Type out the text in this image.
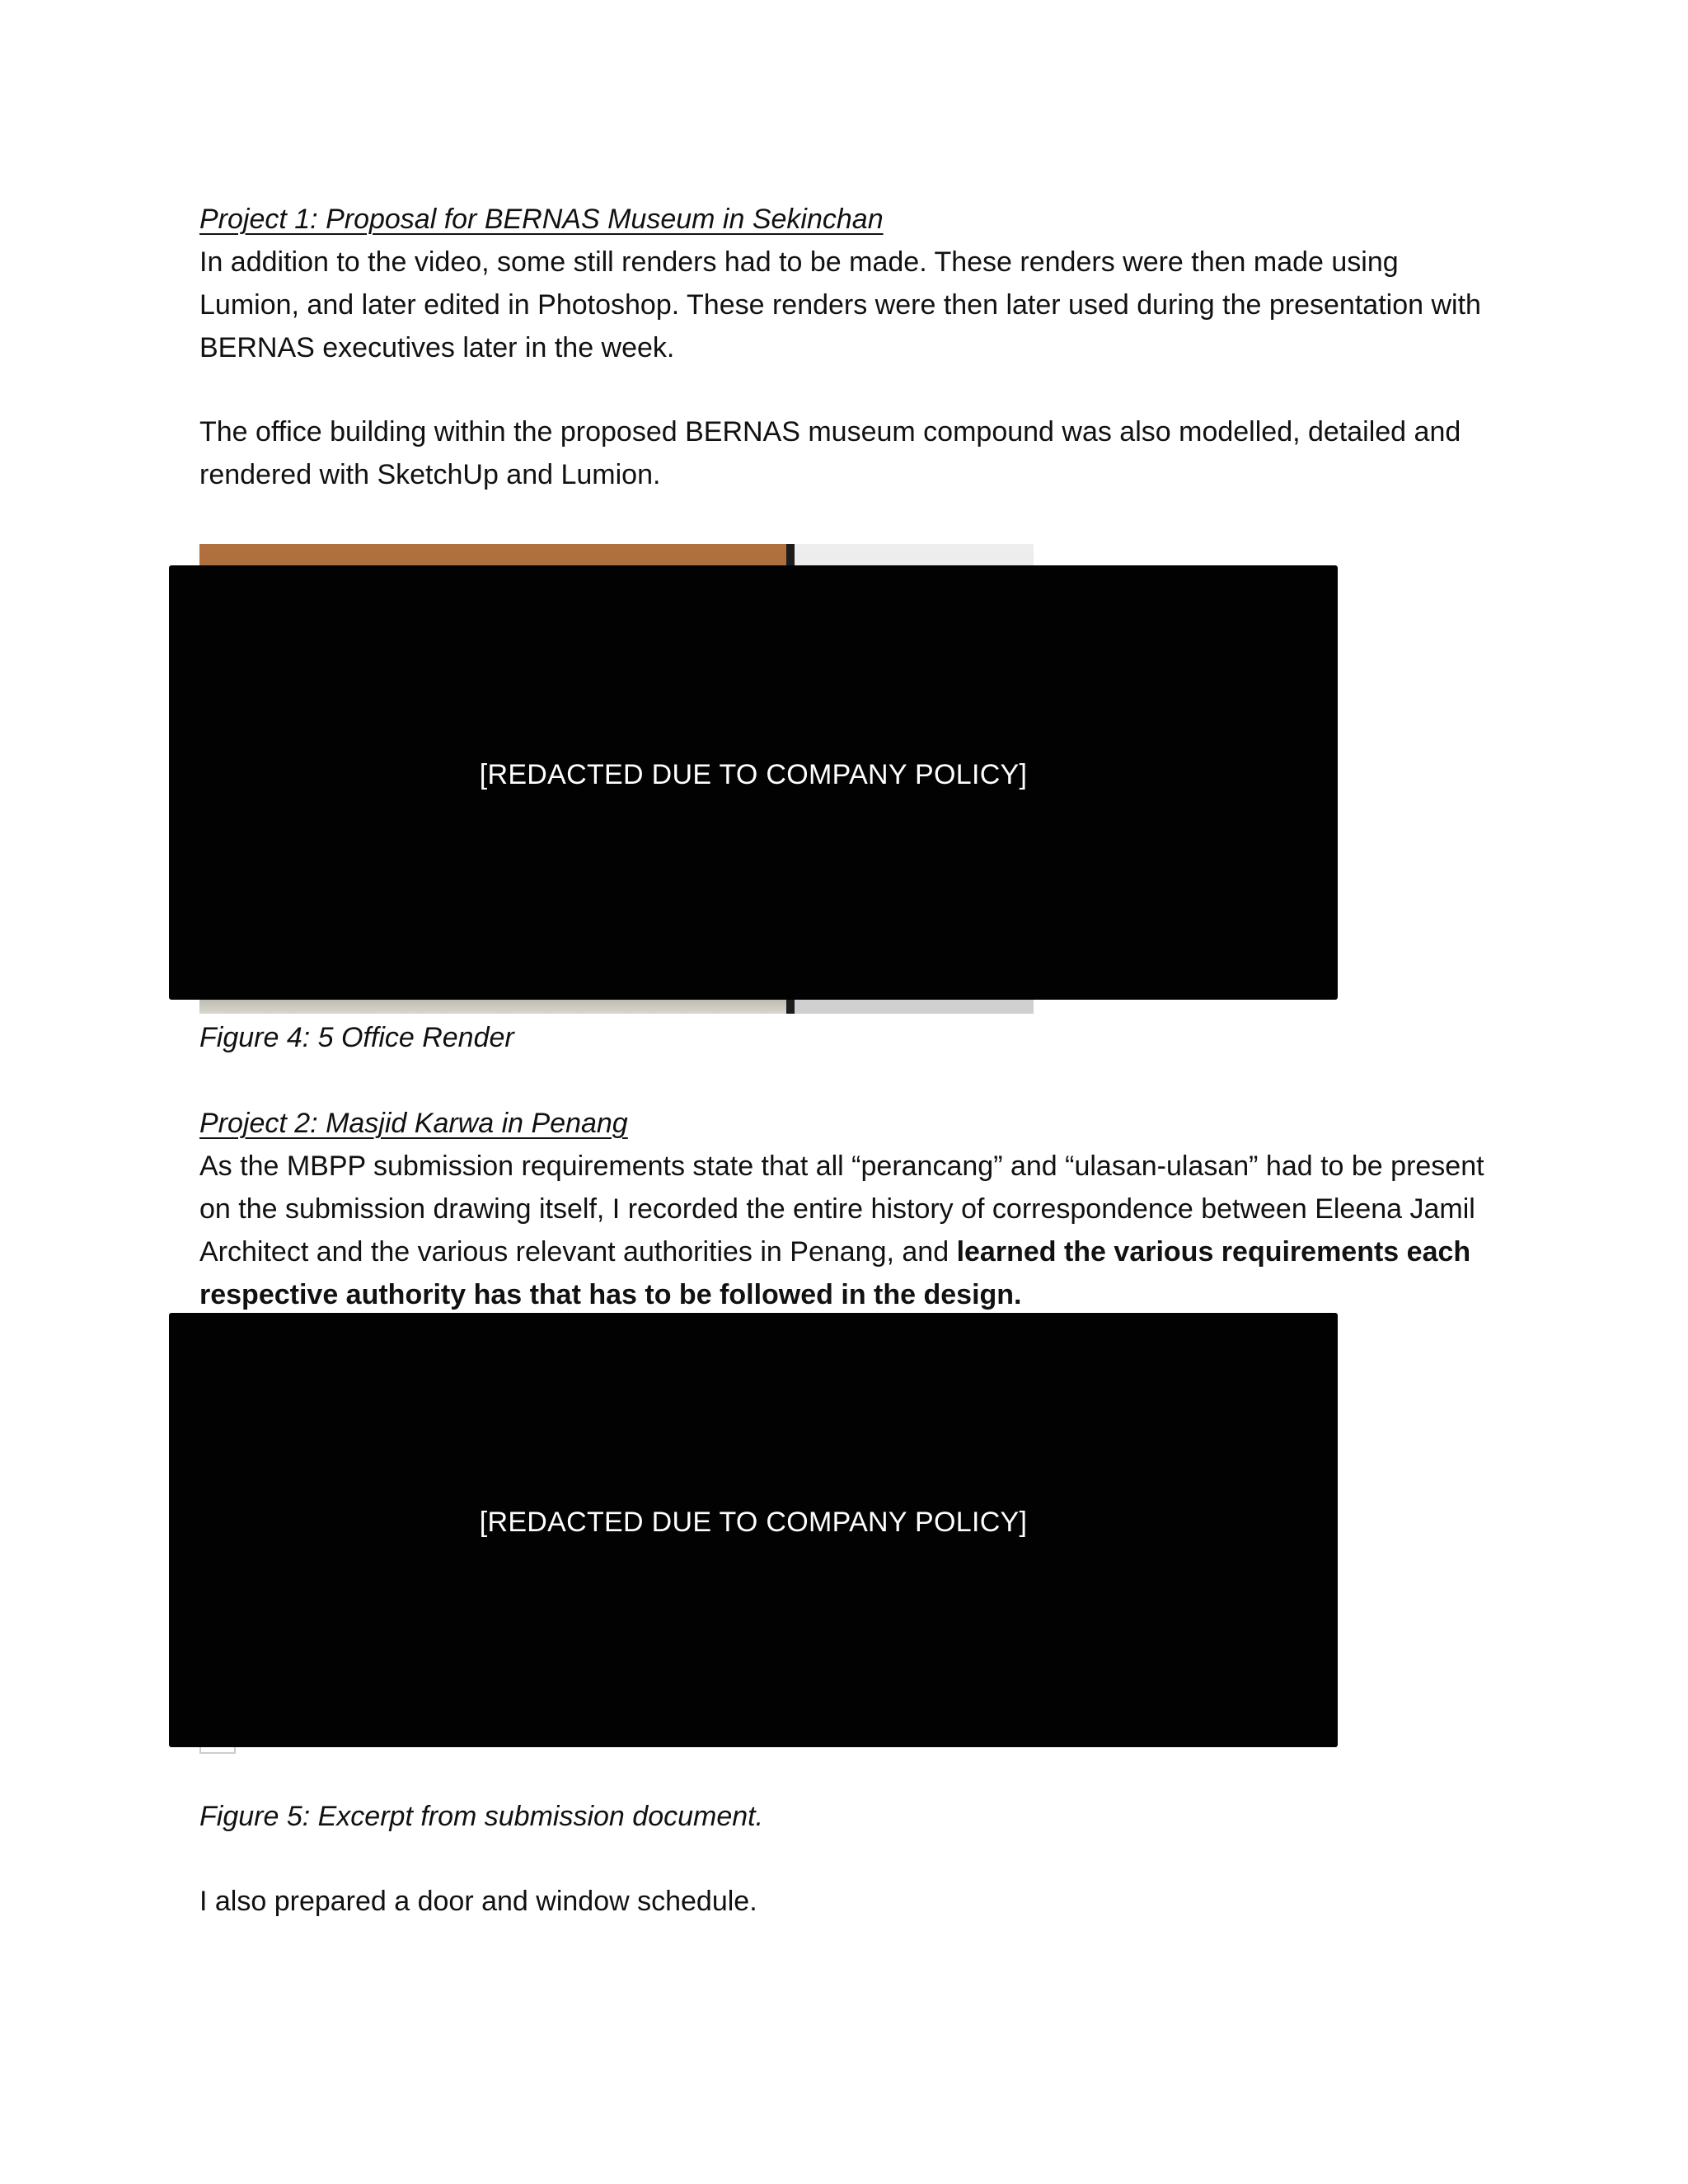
Project 1: Proposal for BERNAS Museum in Sekinchan

In addition to the video, some still renders had to be made. These renders were then made using Lumion, and later edited in Photoshop. These renders were then later used during the presentation with BERNAS executives later in the week.

The office building within the proposed BERNAS museum compound was also modelled, detailed and rendered with SketchUp and Lumion.

[REDACTED DUE TO COMPANY POLICY]

Figure 4: 5 Office Render

Project 2: Masjid Karwa in Penang

As the MBPP submission requirements state that all “perancang” and “ulasan-ulasan” had to be present on the submission drawing itself, I recorded the entire history of correspondence between Eleena Jamil Architect and the various relevant authorities in Penang, and learned the various requirements each respective authority has that has to be followed in the design.

[REDACTED DUE TO COMPANY POLICY]

Figure 5: Excerpt from submission document.

I also prepared a door and window schedule.
